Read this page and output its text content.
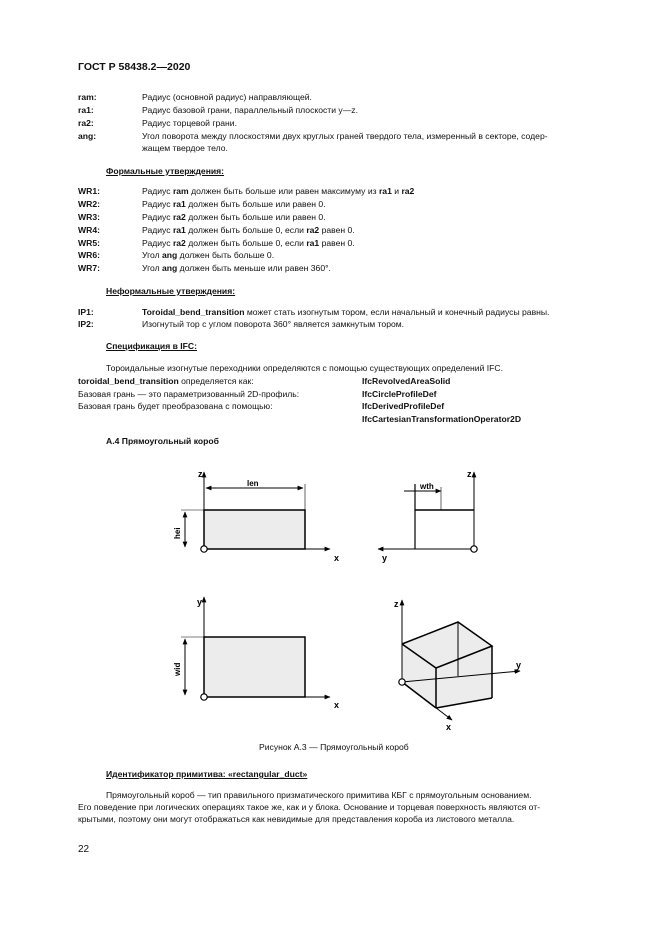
ГОСТ Р 58438.2—2020
ram:	Радиус (основной радиус) направляющей.
ra1:	Радиус базовой грани, параллельный плоскости y—z.
ra2:	Радиус торцевой грани.
ang:	Угол поворота между плоскостями двух круглых граней твердого тела, измеренный в секторе, содер-
жащем твердое тело.
Формальные утверждения:
WR1:	Радиус ram должен быть больше или равен максимуму из ra1 и ra2
WR2:	Радиус ra1 должен быть больше или равен 0.
WR3:	Радиус ra2 должен быть больше или равен 0.
WR4:	Радиус ra1 должен быть больше 0, если ra2 равен 0.
WR5:	Радиус ra2 должен быть больше 0, если ra1 равен 0.
WR6:	Угол ang должен быть больше 0.
WR7:	Угол ang должен быть меньше или равен 360°.
Неформальные утверждения:
IP1:	Toroidal_bend_transition может стать изогнутым тором, если начальный и конечный радиусы равны.
IP2:	Изогнутый тор с углом поворота 360° является замкнутым тором.
Спецификация в IFC:
Тороидальные изогнутые переходники определяются с помощью существующих определений IFC.
toroidal_bend_transition определяется как:	IfcRevolvedAreaSolid
Базовая грань — это параметризованный 2D-профиль:	IfcCircleProfileDef
Базовая грань будет преобразована с помощью:	IfcDerivedProfileDef
IfcCartesianTransformationOperator2D
A.4 Прямоугольный короб
z
x
len
hei
z
y
wth
y
x
wid
z
y
x
Рисунок А.3 — Прямоугольный короб
Идентификатор примитива: «rectangular_duct»
Прямоугольный короб — тип правильного призматического примитива КБГ с прямоугольным основанием.
Его поведение при логических операциях такое же, как и у блока. Основание и торцевая поверхность являются от-
крытыми, поэтому они могут отображаться как невидимые для представления короба из листового металла.
22
